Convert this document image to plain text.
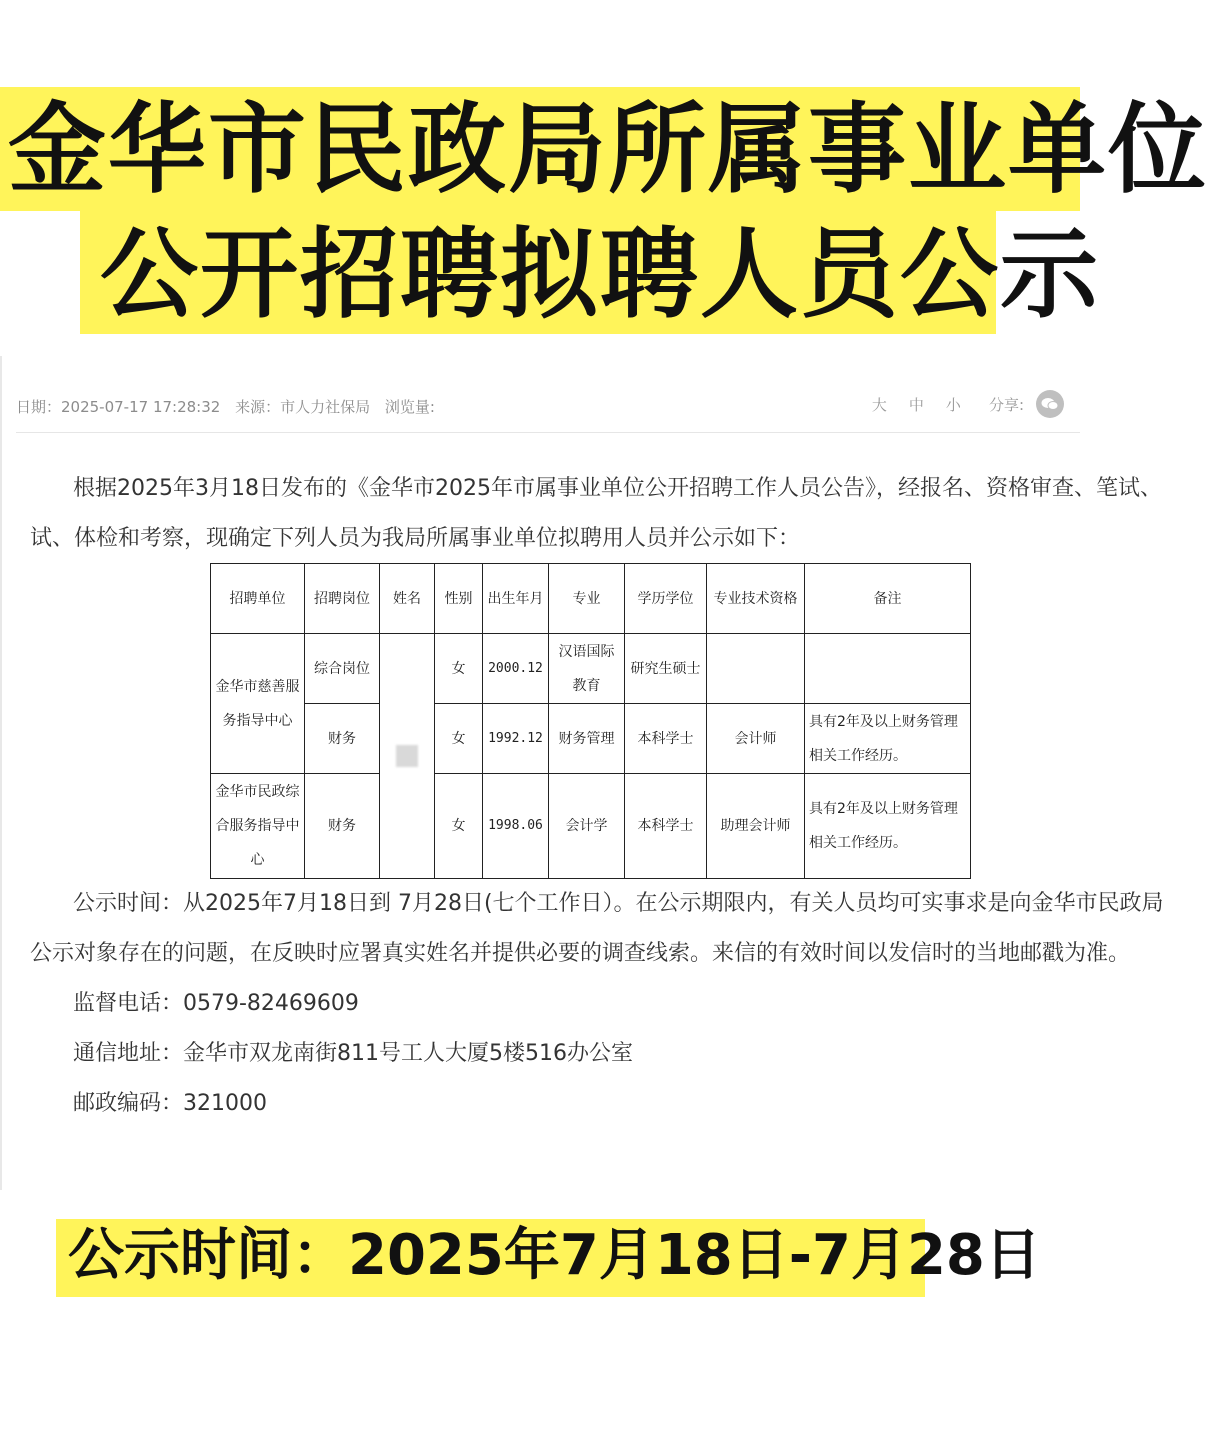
金华市民政局所属事业单位
公开招聘拟聘人员公示
日期：2025-07-17 17:28:32 来源：市人力社保局 浏览量:	大 中 小 分享:
根据2025年3月18日发布的《金华市2025年市属事业单位公开招聘工作人员公告》，经报名、资格审查、笔试、
试、体检和考察，现确定下列人员为我局所属事业单位拟聘用人员并公示如下：
招聘单位	招聘岗位	姓名	性别	出生年月	专业	学历学位	专业技术资格	备注
金华市慈善服务指导中心	综合岗位		女	2000.12	汉语国际教育	研究生硕士		
	财务		女	1992.12	财务管理	本科学士	会计师	具有2年及以上财务管理相关工作经历。
金华市民政综合服务指导中心	财务		女	1998.06	会计学	本科学士	助理会计师	具有2年及以上财务管理相关工作经历。
公示时间：从2025年7月18日到 7月28日(七个工作日）。在公示期限内，有关人员均可实事求是向金华市民政局
公示对象存在的问题，在反映时应署真实姓名并提供必要的调查线索。来信的有效时间以发信时的当地邮戳为准。
监督电话：0579-82469609
通信地址：金华市双龙南街811号工人大厦5楼516办公室
邮政编码：321000
公示时间：2025年7月18日-7月28日
